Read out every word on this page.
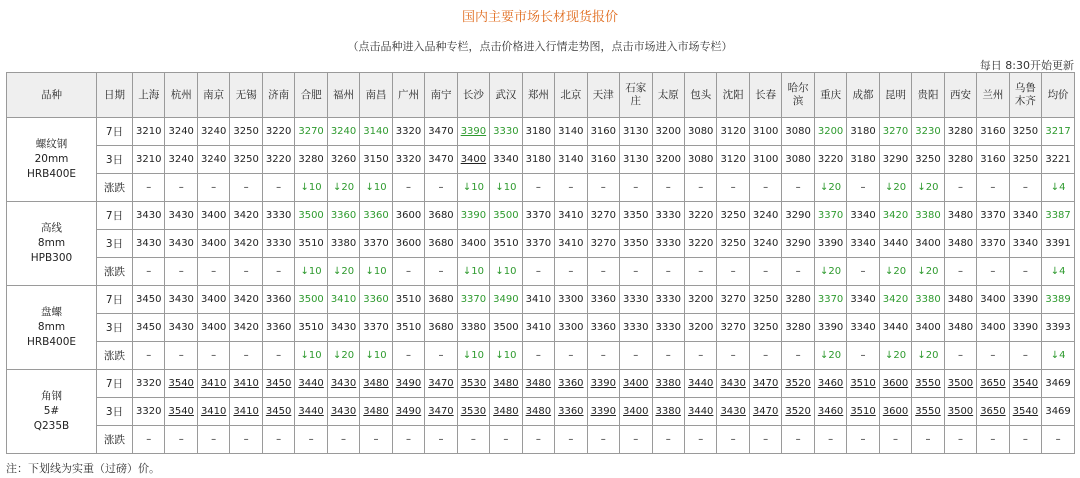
国内主要市场长材现货报价
（点击品种进入品种专栏，点击价格进入行情走势图，点击市场进入市场专栏）
每日 8:30开始更新
品种	日期	上海	杭州	南京	无锡	济南	合肥	福州	南昌	广州	南宁	长沙	武汉	郑州	北京	天津	石家庄	太原	包头	沈阳	长春	哈尔滨	重庆	成都	昆明	贵阳	西安	兰州	乌鲁木齐	均价

螺纹钢
20mm
HRB400E	7日	3210	3240	3240	3250	3220	3270	3240	3140	3320	3470	3390	3330	3180	3140	3160	3130	3200	3080	3120	3100	3080	3200	3180	3270	3230	3280	3160	3250	3217
	3日	3210	3240	3240	3250	3220	3280	3260	3150	3320	3470	3400	3340	3180	3140	3160	3130	3200	3080	3120	3100	3080	3220	3180	3290	3250	3280	3160	3250	3221
	涨跌	–	–	–	–	–	↓10	↓20	↓10	–	–	↓10	↓10	–	–	–	–	–	–	–	–	–	↓20	–	↓20	↓20	–	–	–	↓4

高线
8mm
HPB300	7日	3430	3430	3400	3420	3330	3500	3360	3360	3600	3680	3390	3500	3370	3410	3270	3350	3330	3220	3250	3240	3290	3370	3340	3420	3380	3480	3370	3340	3387
	3日	3430	3430	3400	3420	3330	3510	3380	3370	3600	3680	3400	3510	3370	3410	3270	3350	3330	3220	3250	3240	3290	3390	3340	3440	3400	3480	3370	3340	3391
	涨跌	–	–	–	–	–	↓10	↓20	↓10	–	–	↓10	↓10	–	–	–	–	–	–	–	–	–	↓20	–	↓20	↓20	–	–	–	↓4

盘螺
8mm
HRB400E	7日	3450	3430	3400	3420	3360	3500	3410	3360	3510	3680	3370	3490	3410	3300	3360	3330	3330	3200	3270	3250	3280	3370	3340	3420	3380	3480	3400	3390	3389
	3日	3450	3430	3400	3420	3360	3510	3430	3370	3510	3680	3380	3500	3410	3300	3360	3330	3330	3200	3270	3250	3280	3390	3340	3440	3400	3480	3400	3390	3393
	涨跌	–	–	–	–	–	↓10	↓20	↓10	–	–	↓10	↓10	–	–	–	–	–	–	–	–	–	↓20	–	↓20	↓20	–	–	–	↓4

角钢
5#
Q235B	7日	3320	3540	3410	3410	3450	3440	3430	3480	3490	3470	3530	3480	3480	3360	3390	3400	3380	3440	3430	3470	3520	3460	3510	3600	3550	3500	3650	3540	3469
	3日	3320	3540	3410	3410	3450	3440	3430	3480	3490	3470	3530	3480	3480	3360	3390	3400	3380	3440	3430	3470	3520	3460	3510	3600	3550	3500	3650	3540	3469
	涨跌	–	–	–	–	–	–	–	–	–	–	–	–	–	–	–	–	–	–	–	–	–	–	–	–	–	–	–	–	–
注：下划线为实重（过磅）价。
